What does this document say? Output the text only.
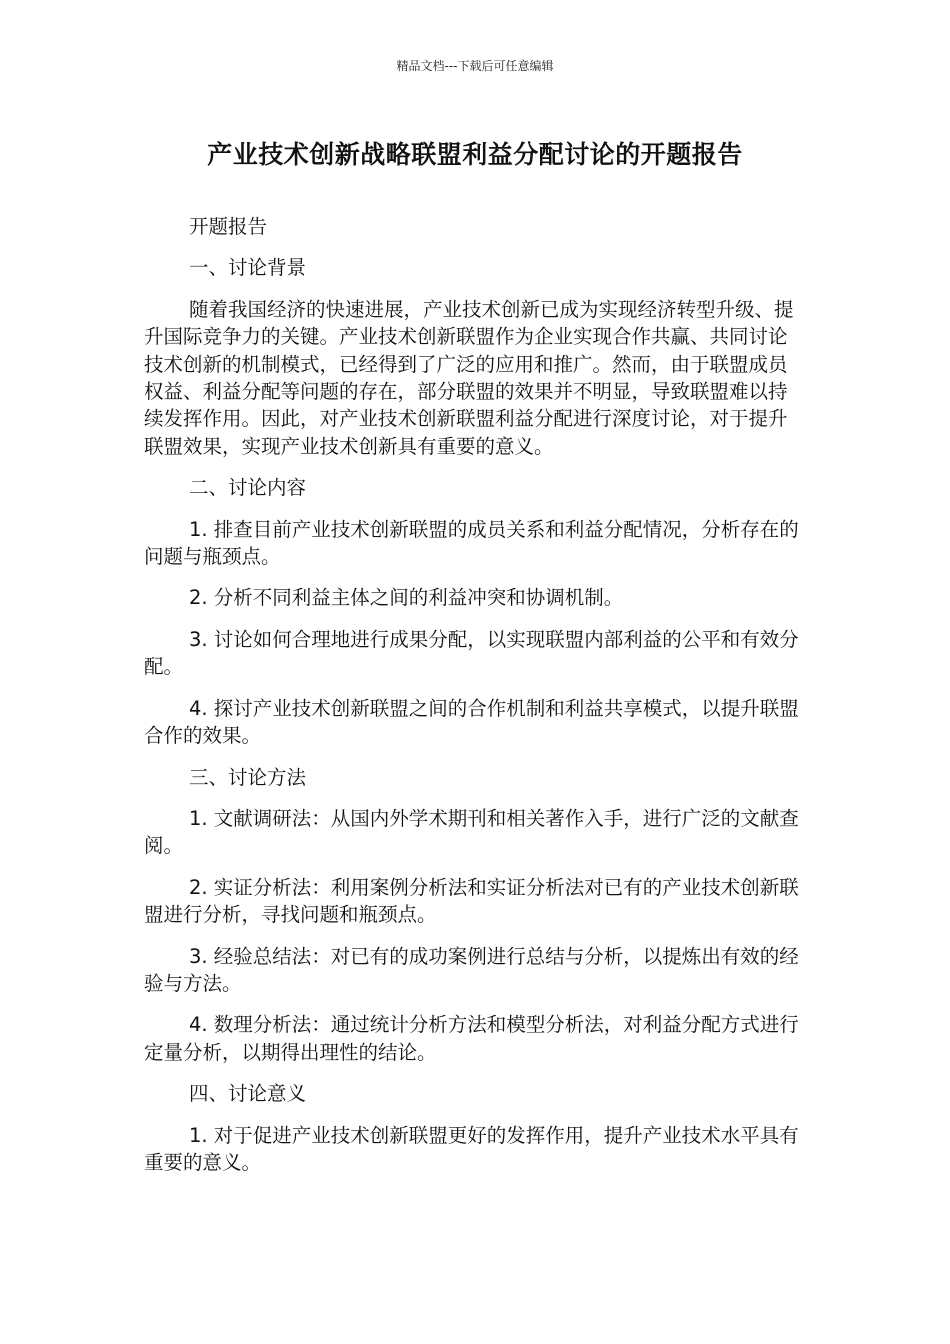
精品文档---下载后可任意编辑
产业技术创新战略联盟利益分配讨论的开题报告

开题报告

一、讨论背景

随着我国经济的快速进展，产业技术创新已成为实现经济转型升级、提升国际竞争力的关键。产业技术创新联盟作为企业实现合作共赢、共同讨论技术创新的机制模式，已经得到了广泛的应用和推广。然而，由于联盟成员权益、利益分配等问题的存在，部分联盟的效果并不明显，导致联盟难以持续发挥作用。因此，对产业技术创新联盟利益分配进行深度讨论，对于提升联盟效果，实现产业技术创新具有重要的意义。

二、讨论内容

1. 排查目前产业技术创新联盟的成员关系和利益分配情况，分析存在的问题与瓶颈点。

2. 分析不同利益主体之间的利益冲突和协调机制。

3. 讨论如何合理地进行成果分配，以实现联盟内部利益的公平和有效分配。

4. 探讨产业技术创新联盟之间的合作机制和利益共享模式，以提升联盟合作的效果。

三、讨论方法

1. 文献调研法：从国内外学术期刊和相关著作入手，进行广泛的文献查阅。

2. 实证分析法：利用案例分析法和实证分析法对已有的产业技术创新联盟进行分析，寻找问题和瓶颈点。

3. 经验总结法：对已有的成功案例进行总结与分析，以提炼出有效的经验与方法。

4. 数理分析法：通过统计分析方法和模型分析法，对利益分配方式进行定量分析，以期得出理性的结论。

四、讨论意义

1. 对于促进产业技术创新联盟更好的发挥作用，提升产业技术水平具有重要的意义。
